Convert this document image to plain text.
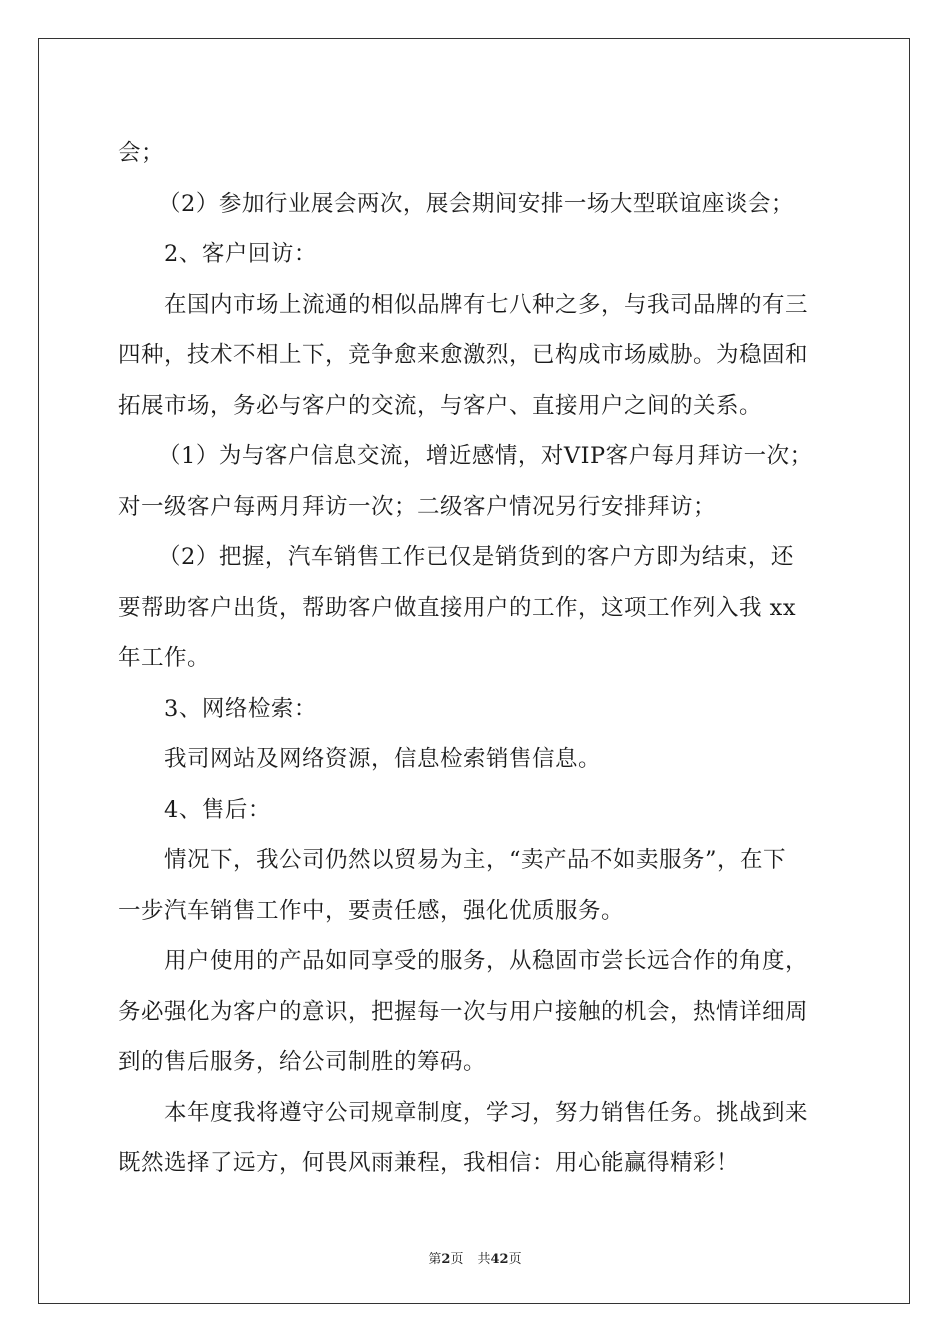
会；
（2）参加行业展会两次，展会期间安排一场大型联谊座谈会；
2、客户回访：
在国内市场上流通的相似品牌有七八种之多，与我司品牌的有三
四种，技术不相上下，竞争愈来愈激烈，已构成市场威胁。为稳固和
拓展市场，务必与客户的交流，与客户、直接用户之间的关系。
（1）为与客户信息交流，增近感情，对VIP客户每月拜访一次；
对一级客户每两月拜访一次；二级客户情况另行安排拜访；
（2）把握，汽车销售工作已仅是销货到的客户方即为结束，还
要帮助客户出货，帮助客户做直接用户的工作，这项工作列入我 xx
年工作。
3、网络检索：
我司网站及网络资源，信息检索销售信息。
4、售后：
情况下，我公司仍然以贸易为主，“卖产品不如卖服务”，在下
一步汽车销售工作中，要责任感，强化优质服务。
用户使用的产品如同享受的服务，从稳固市尝长远合作的角度，
务必强化为客户的意识，把握每一次与用户接触的机会，热情详细周
到的售后服务，给公司制胜的筹码。
本年度我将遵守公司规章制度，学习，努力销售任务。挑战到来
既然选择了远方，何畏风雨兼程，我相信：用心能赢得精彩！
第2页 共42页
